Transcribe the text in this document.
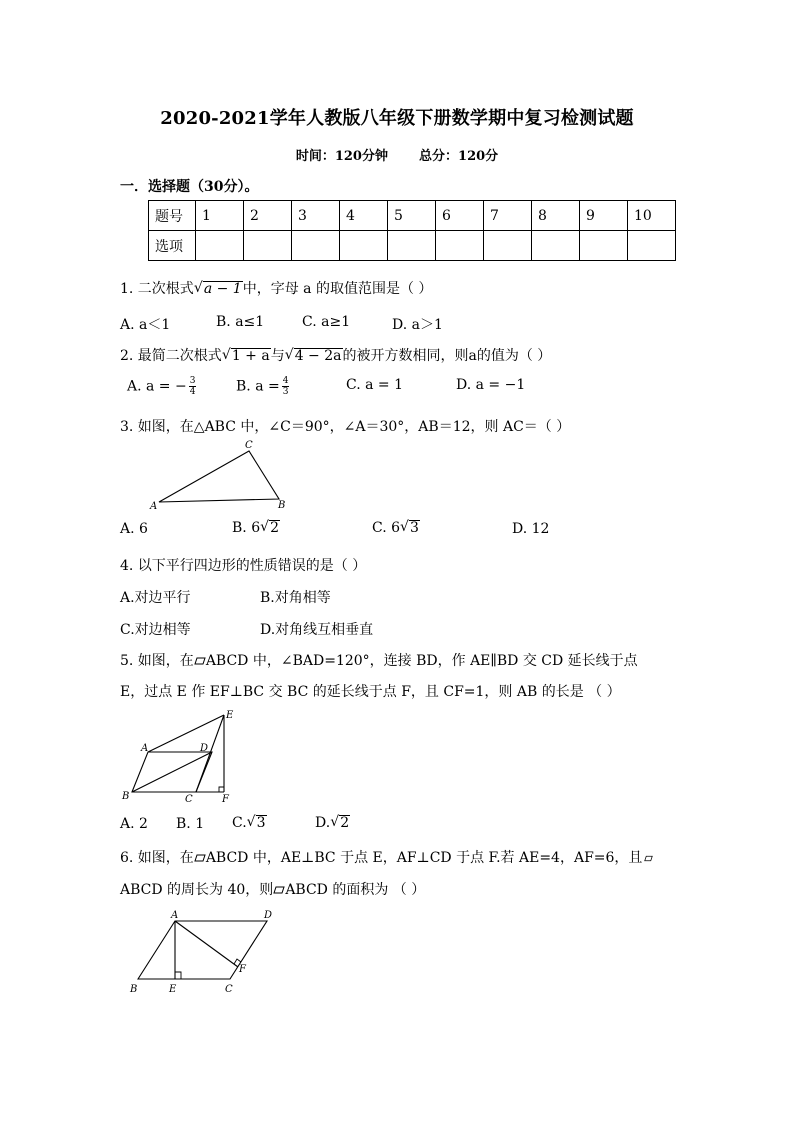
2020-2021学年人教版八年级下册数学期中复习检测试题
时间：120分钟 总分：120分
一．选择题（30分）。
题号	1	2	3	4	5	6	7	8	9	10
选项										
1. 二次根式 √ a − 1中，字母 a 的取值范围是（ ）
A. a＜1	B. a≤1	C. a≥1	D. a＞1
2. 最简二次根式 √ 1 + a与 √ 4 − 2a的被开方数相同，则a的值为（ ）
A. a = − $\frac{3}{4}$	B. $a = \frac{4}{3}$	C. a = 1	D. a = −1
3. 如图，在△ABC 中，∠C＝90°，∠A＝30°，AB＝12，则 AC＝（ ）
A
C
B
A. 6	B. 6 √ 2	C. 6 √ 3	D. 12
4. 以下平行四边形的性质错误的是（ ）
A.对边平行	B.对角相等
C.对边相等	D.对角线互相垂直
5. 如图，在 ABCD 中，∠BAD=120°，连接 BD，作 AE∥BD 交 CD 延长线于点
E，过点 E 作 EF⊥BC 交 BC 的延长线于点 F，且 CF=1，则 AB 的长是 （ ）
A	D
E
B	C	F
A. 2 B. 1 C. √ 3	D. √ 2
6. 如图，在 ABCD 中，AE⊥BC 于点 E，AF⊥CD 于点 F.若 AE=4，AF=6，且
ABCD 的周长为 40，则 ABCD 的面积为 （ ）
A	D
B	E	C
F
